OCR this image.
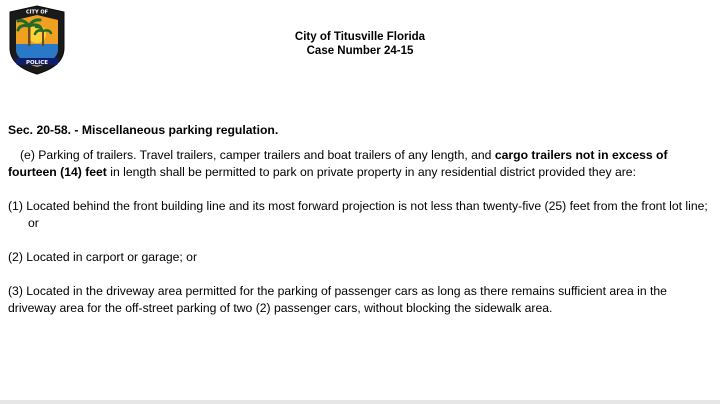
POLICE
CITY OF
City of Titusville Florida
Case Number 24-15
Sec. 20-58. - Miscellaneous parking regulation.
(e) Parking of trailers. Travel trailers, camper trailers and boat trailers of any length, and cargo trailers not in excess of fourteen (14) feet in length shall be permitted to park on private property in any residential district provided they are:
(1) Located behind the front building line and its most forward projection is not less than twenty-five (25) feet from the front lot line; or
(2) Located in carport or garage; or
(3) Located in the driveway area permitted for the parking of passenger cars as long as there remains sufficient area in the driveway area for the off-street parking of two (2) passenger cars, without blocking the sidewalk area.
